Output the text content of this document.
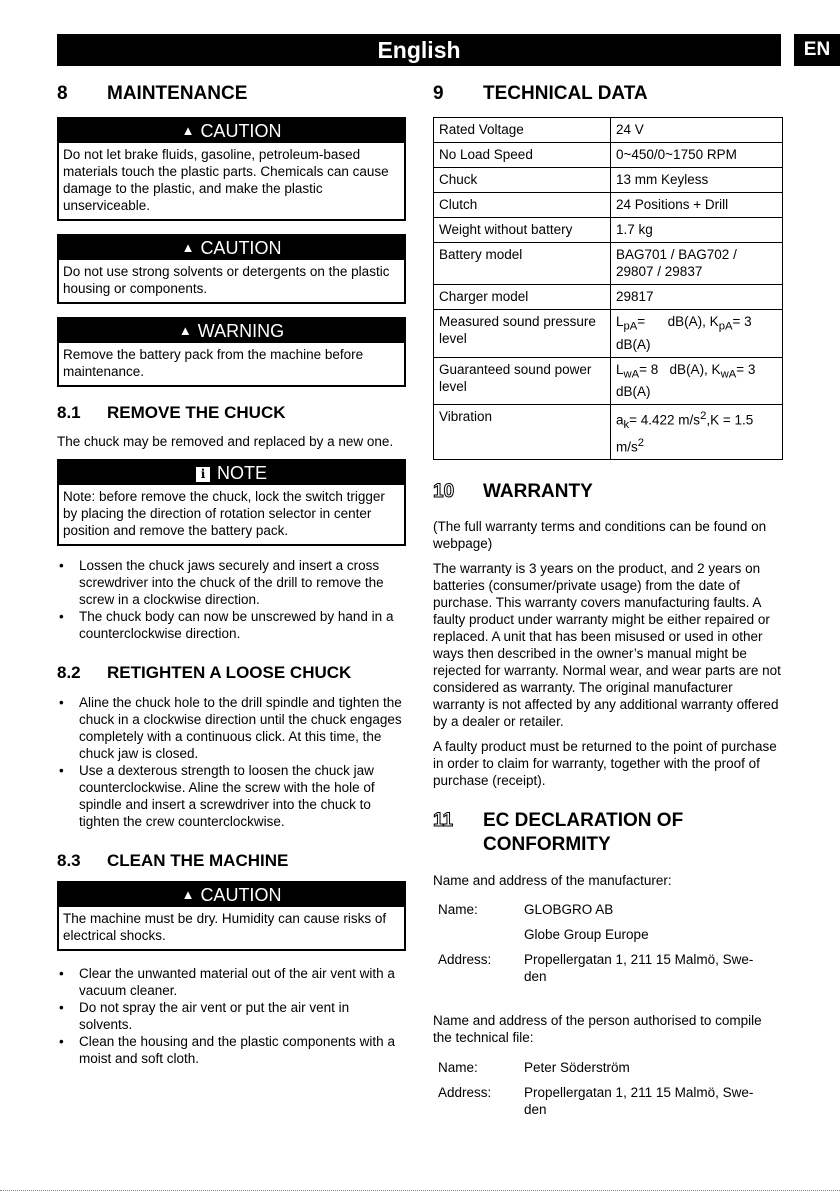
English	EN
8	MAINTENANCE
▲ CAUTION
Do not let brake fluids, gasoline, petroleum-based materials touch the plastic parts. Chemicals can cause damage to the plastic, and make the plastic unserviceable.
▲ CAUTION
Do not use strong solvents or detergents on the plastic housing or components.
▲ WARNING
Remove the battery pack from the machine before maintenance.
8.1	REMOVE THE CHUCK

The chuck may be removed and replaced by a new one.

i NOTE
Note: before remove the chuck, lock the switch trigger by placing the direction of rotation selector in center position and remove the battery pack.
• Lossen the chuck jaws securely and insert a cross screwdriver into the chuck of the drill to remove the screw in a clockwise direction.
• The chuck body can now be unscrewed by hand in a counterclockwise direction.
8.2	RETIGHTEN A LOOSE CHUCK
• Aline the chuck hole to the drill spindle and tighten the chuck in a clockwise direction until the chuck engages completely with a continuous click. At this time, the chuck jaw is closed.
• Use a dexterous strength to loosen the chuck jaw counterclockwise. Aline the screw with the hole of spindle and insert a screwdriver into the chuck to tighten the crew counterclockwise.
8.3	CLEAN THE MACHINE
▲ CAUTION
The machine must be dry. Humidity can cause risks of electrical shocks.
• Clear the unwanted material out of the air vent with a vacuum cleaner.
• Do not spray the air vent or put the air vent in solvents.
• Clean the housing and the plastic components with a moist and soft cloth.
9	TECHNICAL DATA
Rated Voltage	24 V
No Load Speed	0~450/0~1750 RPM
Chuck	13 mm Keyless
Clutch	24 Positions + Drill
Weight without battery	1.7 kg
Battery model	BAG701 / BAG702 / 29807 / 29837
Charger model	29817
Measured sound pressure level	$L_{pA}=$      dB(A), $K_{pA}= 3$ dB(A)
Guaranteed sound power level	$L_{wA}= 8$   dB(A), $K_{wA}= 3$ dB(A)
Vibration	$a_k= 4.422$ $m/s^2,K = 1.5$ $m/s^2$
10	WARRANTY

(The full warranty terms and conditions can be found on webpage)

The warranty is 3 years on the product, and 2 years on batteries (consumer/private usage) from the date of purchase. This warranty covers manufacturing faults. A faulty product under warranty might be either repaired or replaced. A unit that has been misused or used in other ways then described in the owner’s manual might be rejected for warranty. Normal wear, and wear parts are not considered as warranty. The original manufacturer warranty is not affected by any additional warranty offered by a dealer or retailer.

A faulty product must be returned to the point of purchase in order to claim for warranty, together with the proof of purchase (receipt).

11	EC DECLARATION OF
CONFORMITY

Name and address of the manufacturer:

Name:	GLOBGRO AB
Globe Group Europe
Address:	Propellergatan 1, 211 15 Malmö, Swe-den

Name and address of the person authorised to compile the technical file:

Name:	Peter Söderström
Address:	Propellergatan 1, 211 15 Malmö, Swe-den
